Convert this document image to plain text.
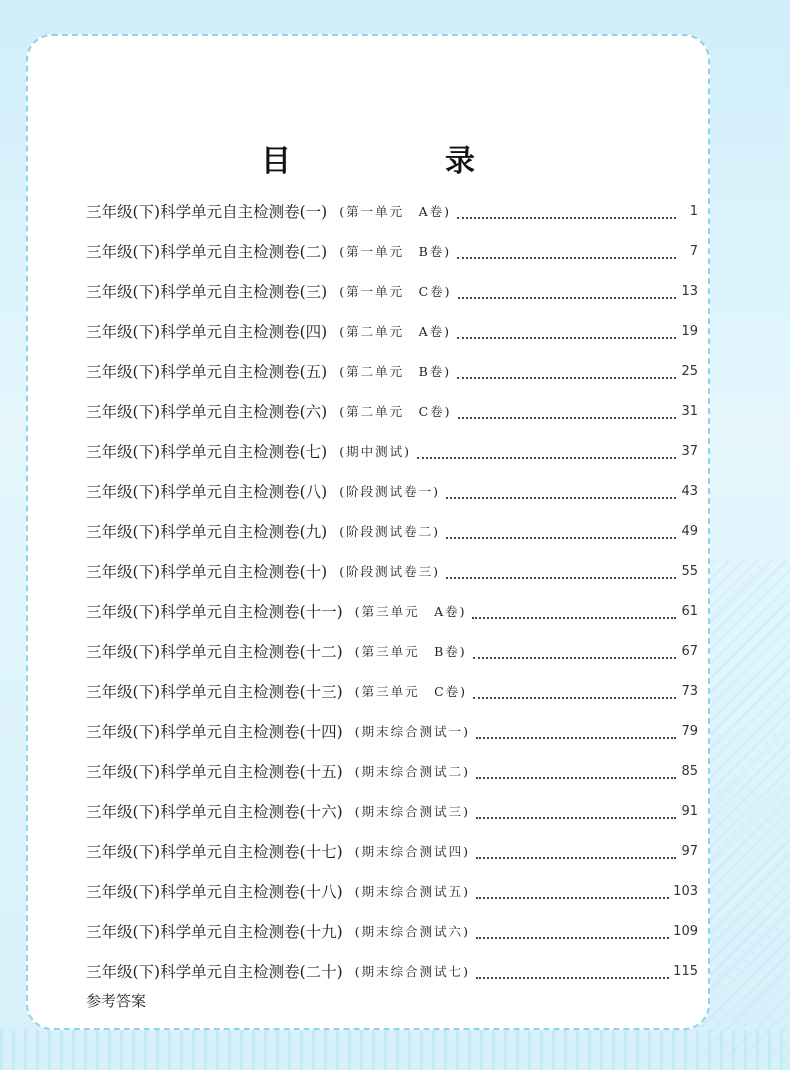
目　录
三年级(下)科学单元自主检测卷(一) (第一单元　A卷)	1
三年级(下)科学单元自主检测卷(二) (第一单元　B卷)	7
三年级(下)科学单元自主检测卷(三) (第一单元　C卷)	13
三年级(下)科学单元自主检测卷(四) (第二单元　A卷)	19
三年级(下)科学单元自主检测卷(五) (第二单元　B卷)	25
三年级(下)科学单元自主检测卷(六) (第二单元　C卷)	31
三年级(下)科学单元自主检测卷(七) (期中测试)	37
三年级(下)科学单元自主检测卷(八) (阶段测试卷一)	43
三年级(下)科学单元自主检测卷(九) (阶段测试卷二)	49
三年级(下)科学单元自主检测卷(十) (阶段测试卷三)	55
三年级(下)科学单元自主检测卷(十一) (第三单元　A卷)	61
三年级(下)科学单元自主检测卷(十二) (第三单元　B卷)	67
三年级(下)科学单元自主检测卷(十三) (第三单元　C卷)	73
三年级(下)科学单元自主检测卷(十四) (期末综合测试一)	79
三年级(下)科学单元自主检测卷(十五) (期末综合测试二)	85
三年级(下)科学单元自主检测卷(十六) (期末综合测试三)	91
三年级(下)科学单元自主检测卷(十七) (期末综合测试四)	97
三年级(下)科学单元自主检测卷(十八) (期末综合测试五)	103
三年级(下)科学单元自主检测卷(十九) (期末综合测试六)	109
三年级(下)科学单元自主检测卷(二十) (期末综合测试七)	115
参考答案
